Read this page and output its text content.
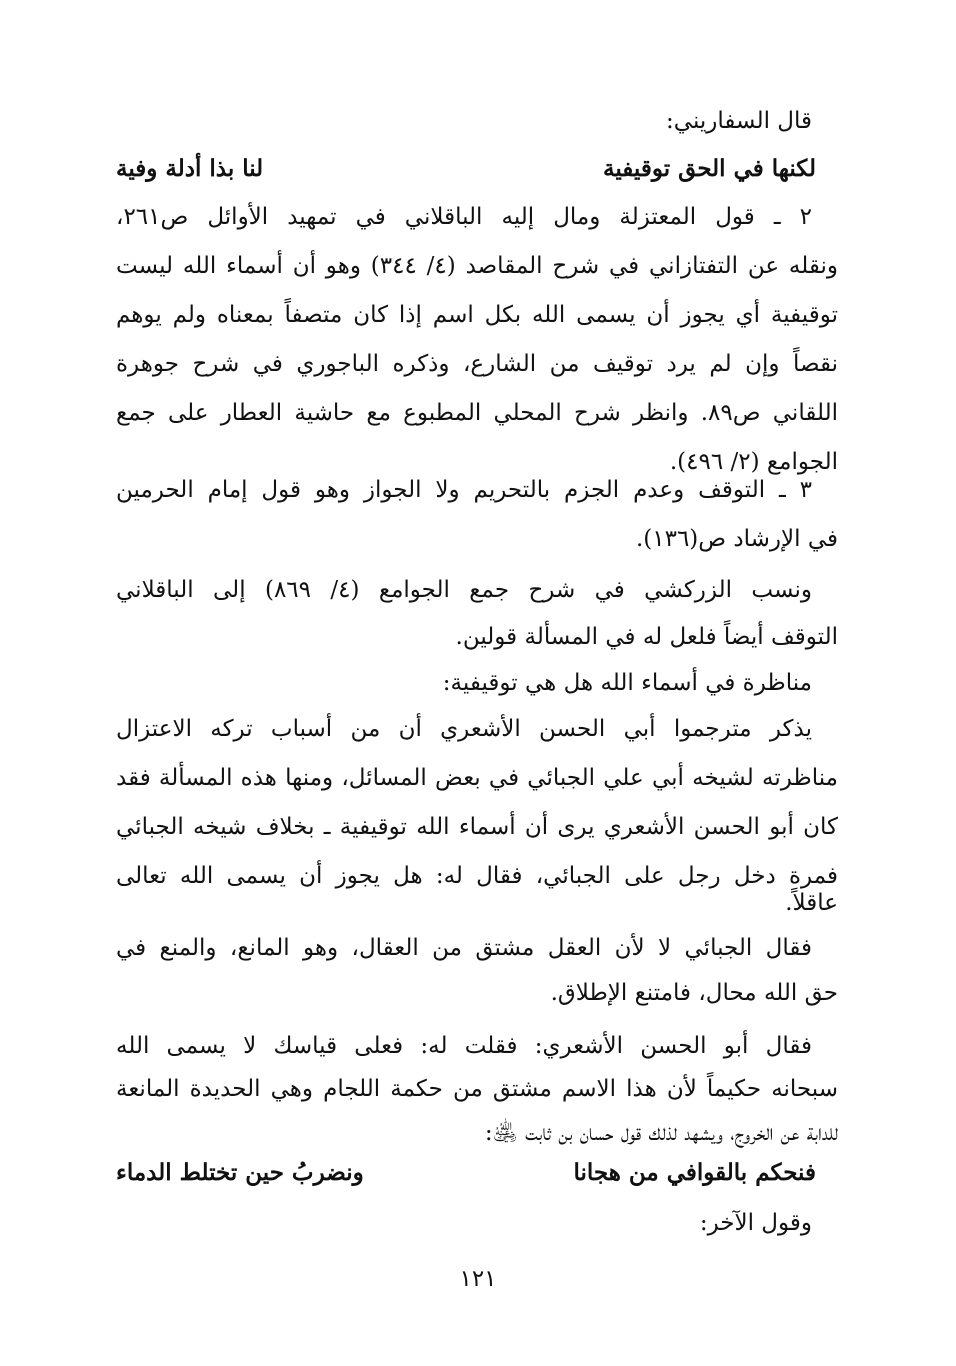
قال السفاريني:
لكنها في الحق توقيفية
لنا بذا أدلة وفية
٢ ـ قول المعتزلة ومال إليه الباقلاني في تمهيد الأوائل ص٢٦١،
ونقله عن التفتازاني في شرح المقاصد (٤/ ٣٤٤) وهو أن أسماء الله ليست
توقيفية أي يجوز أن يسمى الله بكل اسم إذا كان متصفاً بمعناه ولم يوهم
نقصاً وإن لم يرد توقيف من الشارع، وذكره الباجوري في شرح جوهرة
اللقاني ص٨٩. وانظر شرح المحلي المطبوع مع حاشية العطار على جمع
الجوامع (٢/ ٤٩٦).
٣ ـ التوقف وعدم الجزم بالتحريم ولا الجواز وهو قول إمام الحرمين
في الإرشاد ص(١٣٦).
ونسب الزركشي في شرح جمع الجوامع (٤/ ٨٦٩) إلى الباقلاني
التوقف أيضاً فلعل له في المسألة قولين.
مناظرة في أسماء الله هل هي توقيفية:
يذكر مترجموا أبي الحسن الأشعري أن من أسباب تركه الاعتزال
مناظرته لشيخه أبي علي الجبائي في بعض المسائل، ومنها هذه المسألة فقد
كان أبو الحسن الأشعري يرى أن أسماء الله توقيفية ـ بخلاف شيخه الجبائي
فمرة دخل رجل على الجبائي، فقال له: هل يجوز أن يسمى الله تعالى
عاقلاً.
فقال الجبائي لا لأن العقل مشتق من العقال، وهو المانع، والمنع في
حق الله محال، فامتنع الإطلاق.
فقال أبو الحسن الأشعري: فقلت له: فعلى قياسك لا يسمى الله
سبحانه حكيماً لأن هذا الاسم مشتق من حكمة اللجام وهي الحديدة المانعة
للدابة عن الخروج، ويشهد لذلك قول حسان بن ثابت ﵁:
فنحكم بالقوافي من هجانا
ونضربُ حين تختلط الدماء
وقول الآخر:
١٢١
